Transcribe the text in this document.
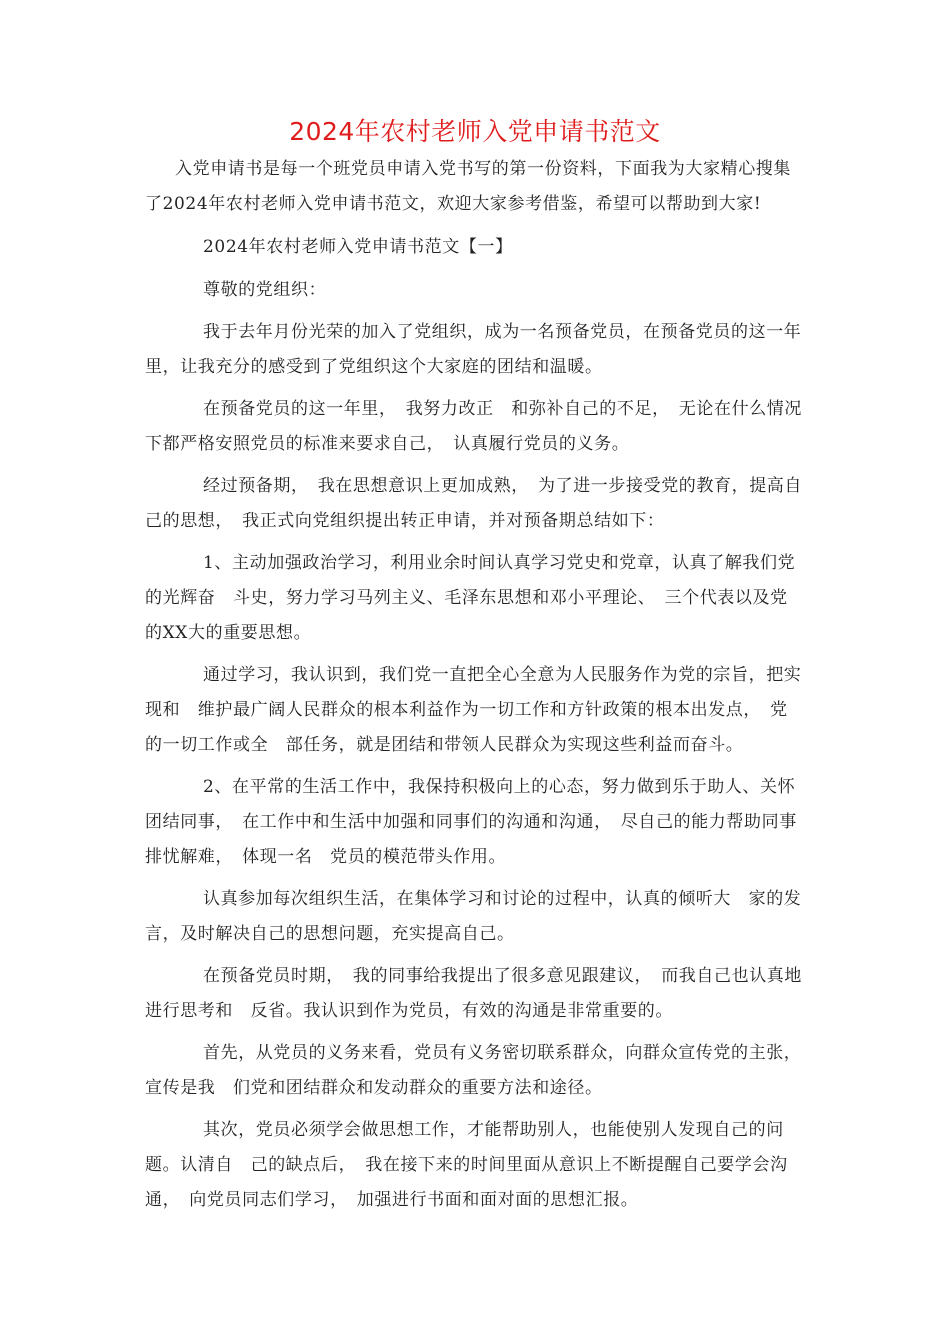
2024年农村老师入党申请书范文

入党申请书是每一个班党员申请入党书写的第一份资料，下面我为大家精心搜集了2024年农村老师入党申请书范文，欢迎大家参考借鉴，希望可以帮助到大家!

2024年农村老师入党申请书范文【一】

尊敬的党组织：

我于去年月份光荣的加入了党组织，成为一名预备党员，在预备党员的这一年里，让我充分的感受到了党组织这个大家庭的团结和温暖。

在预备党员的这一年里，　我努力改正　和弥补自己的不足，　无论在什么情况下都严格安照党员的标准来要求自己，　认真履行党员的义务。

经过预备期，　我在思想意识上更加成熟，　为了进一步接受党的教育，提高自己的思想，　我正式向党组织提出转正申请，并对预备期总结如下：

1、主动加强政治学习，利用业余时间认真学习党史和党章，认真了解我们党的光辉奋　斗史，努力学习马列主义、毛泽东思想和邓小平理论、　三个代表以及党的XX大的重要思想。

通过学习，我认识到，我们党一直把全心全意为人民服务作为党的宗旨，把实现和　维护最广阔人民群众的根本利益作为一切工作和方针政策的根本出发点，　党的一切工作或全　部任务，就是团结和带领人民群众为实现这些利益而奋斗。

2、在平常的生活工作中，我保持积极向上的心态，努力做到乐于助人、关怀团结同事，　在工作中和生活中加强和同事们的沟通和沟通，　尽自己的能力帮助同事排忧解难，　体现一名　党员的模范带头作用。

认真参加每次组织生活，在集体学习和讨论的过程中，认真的倾听大　家的发言，及时解决自己的思想问题，充实提高自己。

在预备党员时期，　我的同事给我提出了很多意见跟建议，　而我自己也认真地进行思考和　反省。我认识到作为党员，有效的沟通是非常重要的。

首先，从党员的义务来看，党员有义务密切联系群众，向群众宣传党的主张，宣传是我　们党和团结群众和发动群众的重要方法和途径。

其次，党员必须学会做思想工作，才能帮助别人，也能使别人发现自己的问题。认清自　己的缺点后，　我在接下来的时间里面从意识上不断提醒自己要学会沟通，　向党员同志们学习，　加强进行书面和面对面的思想汇报。
